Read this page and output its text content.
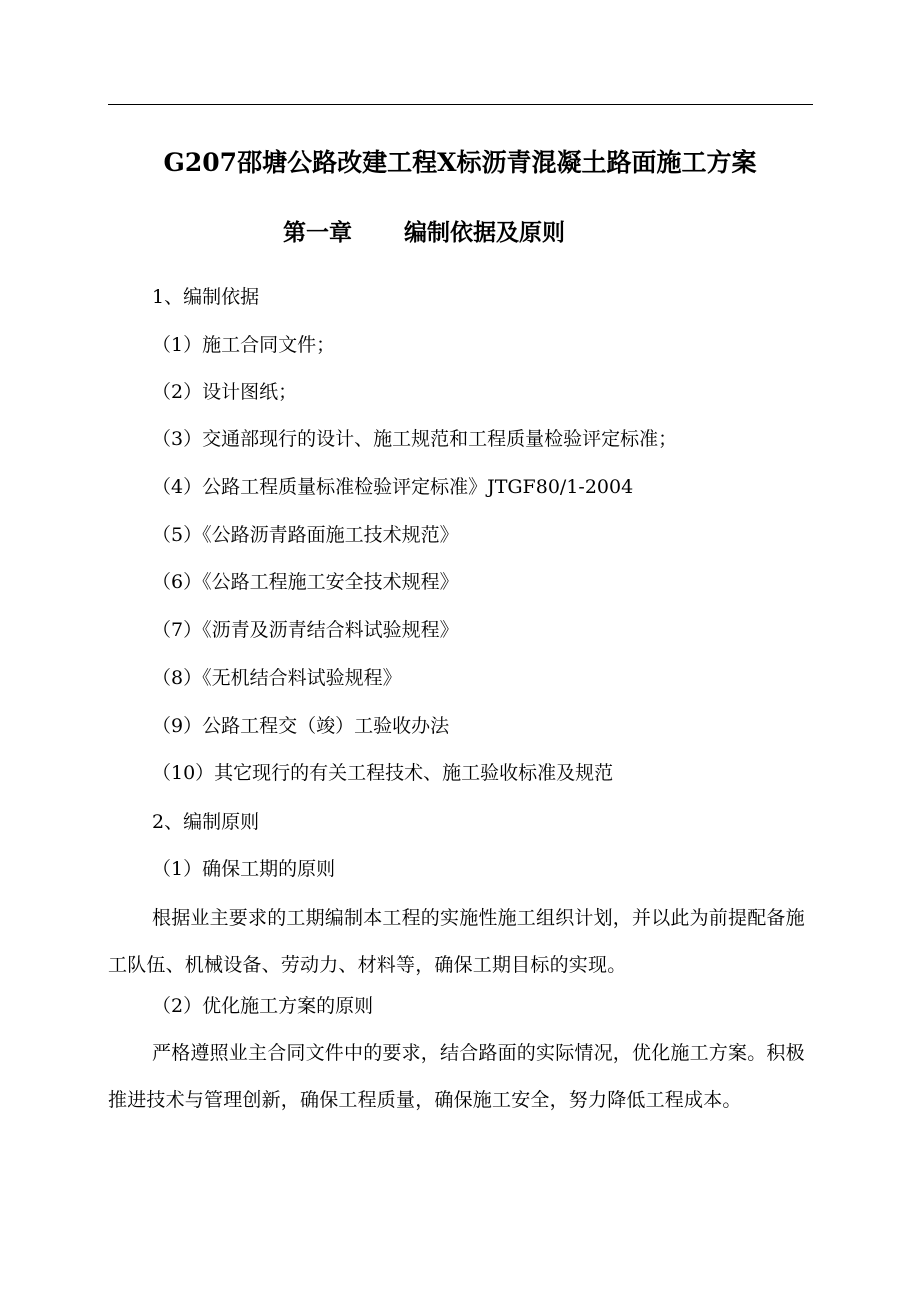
G207邵塘公路改建工程X标沥青混凝土路面施工方案
第一章 编制依据及原则
1、编制依据
（1）施工合同文件；
（2）设计图纸；
（3）交通部现行的设计、施工规范和工程质量检验评定标准；
（4）公路工程质量标准检验评定标准》JTGF80/1-2004
（5）《公路沥青路面施工技术规范》
（6）《公路工程施工安全技术规程》
（7）《沥青及沥青结合料试验规程》
（8）《无机结合料试验规程》
（9）公路工程交（竣）工验收办法
（10）其它现行的有关工程技术、施工验收标准及规范
2、编制原则
（1）确保工期的原则
根据业主要求的工期编制本工程的实施性施工组织计划，并以此为前提配备施工队伍、机械设备、劳动力、材料等，确保工期目标的实现。
（2）优化施工方案的原则
严格遵照业主合同文件中的要求，结合路面的实际情况，优化施工方案。积极推进技术与管理创新，确保工程质量，确保施工安全，努力降低工程成本。
